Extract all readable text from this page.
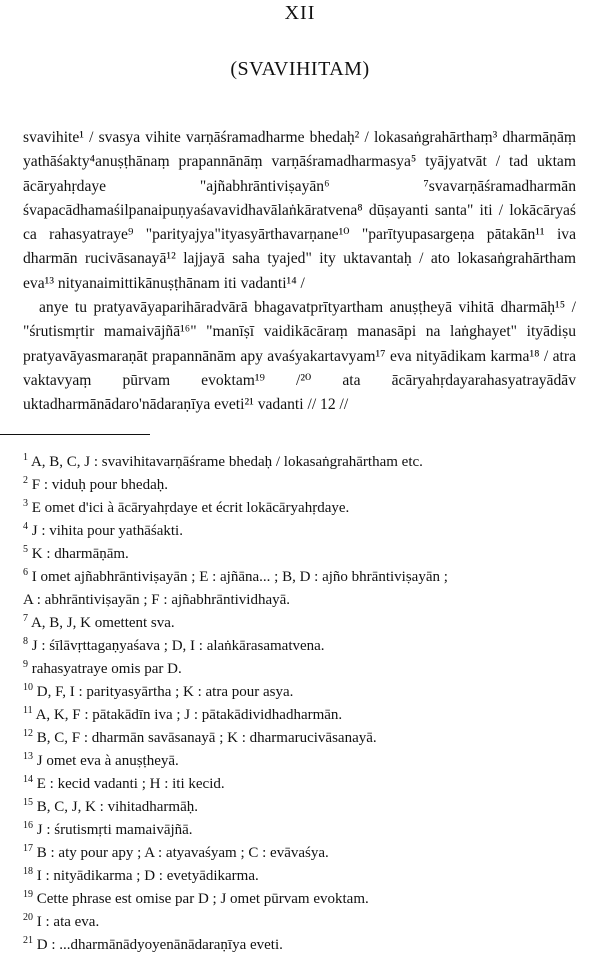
XII
(SVAVIHITAM)

svavihite¹ / svasya vihite varṇāśramadharme bhedaḥ² / lokasaṅgrahārthaṃ³ dharmāṇāṃ yathāśakty⁴anuṣṭhānaṃ prapannānāṃ varṇāśramadharmasya⁵ tyājyatvāt / tad uktam ācāryahṛdaye "ajñabhrāntiviṣayān⁶ ⁷svavarṇāśramadharmān śvapacādhamaśilpanaipuṇyaśavavidhavālaṅkāratvena⁸ dūṣayanti santa" iti / lokācāryaś ca rahasyatraye⁹ "parityajya"ityasyārthavarṇane¹⁰ "parītyupasargeṇa pātakān¹¹ iva dharmān rucivāsanayā¹² lajjayā saha tyajed" ity uktavantaḥ / ato lokasaṅgrahārtham eva¹³ nityanaimittikānuṣṭhānam iti vadanti¹⁴ /

anye tu pratyavāyaparihāradvārā bhagavatprītyartham anuṣṭheyā vihitā dharmāḥ¹⁵ / "śrutismṛtir mamaivājñā¹⁶" "manīṣī vaidikācāraṃ manasāpi na laṅghayet" ityādiṣu pratyavāyasmaraṇāt prapannānām apy avaśyakartavyam¹⁷ eva nityādikam karma¹⁸ / atra vaktavyaṃ pūrvam evoktam¹⁹ /²⁰ ata ācāryahṛdayarahasyatrayādāv uktadharmānādaro'nādaraṇīya eveti²¹ vadanti // 12 //

$^1$ A, B, C, J : svavihitavarṇāśrame bhedaḥ / lokasaṅgrahārtham etc.
$^2$ F : viduḥ pour bhedaḥ.
$^3$ E omet d'ici à ācāryahṛdaye et écrit lokācāryahṛdaye.
$^4$ J : vihita pour yathāśakti.
$^5$ K : dharmāṇām.
$^6$ I omet ajñabhrāntiviṣayān ; E : ajñāna... ; B, D : ajño bhrāntiviṣayān ;
A : abhrāntiviṣayān ; F : ajñabhrāntividhayā.
$^7$ A, B, J, K omettent sva.
$^8$ J : śīlāvṛttagaṇyaśava ; D, I : alaṅkārasamatvena.
$^9$ rahasyatraye omis par D.
$^{10}$ D, F, I : parityasyārtha ; K : atra pour asya.
$^{11}$ A, K, F : pātakādīn iva ; J : pātakādividhadharmān.
$^{12}$ B, C, F : dharmān savāsanayā ; K : dharmarucivāsanayā.
$^{13}$ J omet eva à anuṣṭheyā.
$^{14}$ E : kecid vadanti ; H : iti kecid.
$^{15}$ B, C, J, K : vihitadharmāḥ.
$^{16}$ J : śrutismṛti mamaivājñā.
$^{17}$ B : aty pour apy ; A : atyavaśyam ; C : evāvaśya.
$^{18}$ I : nityādikarma ; D : evetyādikarma.
$^{19}$ Cette phrase est omise par D ; J omet pūrvam evoktam.
$^{20}$ I : ata eva.
$^{21}$ D : ...dharmānādyoyenānādaraṇīya eveti.
